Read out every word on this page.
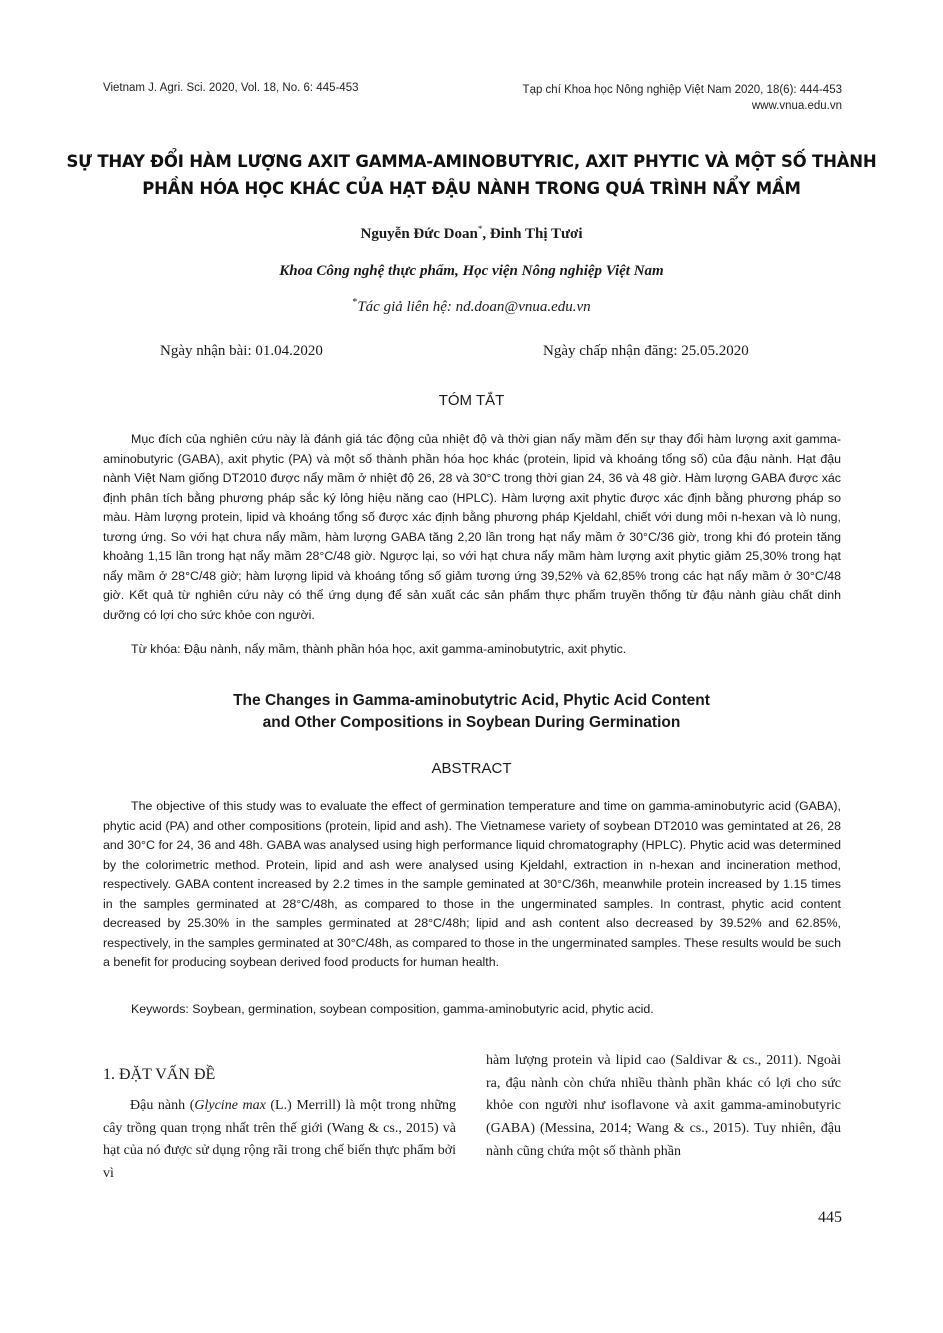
Vietnam J. Agri. Sci. 2020, Vol. 18, No. 6: 445-453	Tạp chí Khoa học Nông nghiệp Việt Nam 2020, 18(6): 444-453
www.vnua.edu.vn
SỰ THAY ĐỔI HÀM LƯỢNG AXIT GAMMA-AMINOBUTYRIC, AXIT PHYTIC VÀ MỘT SỐ THÀNH
PHẦN HÓA HỌC KHÁC CỦA HẠT ĐẬU NÀNH TRONG QUÁ TRÌNH NẨY MẦM
Nguyễn Đức Doan*, Đinh Thị Tươi
Khoa Công nghệ thực phẩm, Học viện Nông nghiệp Việt Nam
*Tác giả liên hệ: nd.doan@vnua.edu.vn
Ngày nhận bài: 01.04.2020	Ngày chấp nhận đăng: 25.05.2020
TÓM TẮT

Mục đích của nghiên cứu này là đánh giá tác động của nhiệt độ và thời gian nẩy mầm đến sự thay đổi hàm lượng axit gamma-aminobutyric (GABA), axit phytic (PA) và một số thành phần hóa học khác (protein, lipid và khoáng tổng số) của đậu nành. Hạt đậu nành Việt Nam giống DT2010 được nẩy mầm ở nhiệt độ 26, 28 và 30°C trong thời gian 24, 36 và 48 giờ. Hàm lượng GABA được xác định phân tích bằng phương pháp sắc ký lỏng hiệu năng cao (HPLC). Hàm lượng axit phytic được xác định bằng phương pháp so màu. Hàm lượng protein, lipid và khoáng tổng số được xác định bằng phương pháp Kjeldahl, chiết với dung môi n-hexan và lò nung, tương ứng. So với hạt chưa nẩy mầm, hàm lượng GABA tăng 2,20 lần trong hạt nẩy mầm ở 30°C/36 giờ, trong khi đó protein tăng khoảng 1,15 lần trong hạt nẩy mầm 28°C/48 giờ. Ngược lại, so với hạt chưa nẩy mầm hàm lượng axit phytic giảm 25,30% trong hạt nẩy mầm ở 28°C/48 giờ; hàm lượng lipid và khoáng tổng số giảm tương ứng 39,52% và 62,85% trong các hạt nẩy mầm ở 30°C/48 giờ. Kết quả từ nghiên cứu này có thể ứng dụng để sản xuất các sản phẩm thực phẩm truyền thống từ đậu nành giàu chất dinh dưỡng có lợi cho sức khỏe con người.

Từ khóa: Đậu nành, nẩy mầm, thành phần hóa học, axit gamma-aminobutytric, axit phytic.
The Changes in Gamma-aminobutytric Acid, Phytic Acid Content
and Other Compositions in Soybean During Germination
ABSTRACT

The objective of this study was to evaluate the effect of germination temperature and time on gamma-aminobutyric acid (GABA), phytic acid (PA) and other compositions (protein, lipid and ash). The Vietnamese variety of soybean DT2010 was gemintated at 26, 28 and 30°C for 24, 36 and 48h. GABA was analysed using high performance liquid chromatography (HPLC). Phytic acid was determined by the colorimetric method. Protein, lipid and ash were analysed using Kjeldahl, extraction in n-hexan and incineration method, respectively. GABA content increased by 2.2 times in the sample geminated at 30°C/36h, meanwhile protein increased by 1.15 times in the samples germinated at 28°C/48h, as compared to those in the ungerminated samples. In contrast, phytic acid content decreased by 25.30% in the samples germinated at 28°C/48h; lipid and ash content also decreased by 39.52% and 62.85%, respectively, in the samples germinated at 30°C/48h, as compared to those in the ungerminated samples. These results would be such a benefit for producing soybean derived food products for human health.

Keywords: Soybean, germination, soybean composition, gamma-aminobutyric acid, phytic acid.
1. ĐẶT VẤN ĐỀ

Đậu nành (Glycine max (L.) Merrill) là một trong những cây trồng quan trọng nhất trên thế giới (Wang & cs., 2015) và hạt của nó được sử dụng rộng rãi trong chế biến thực phẩm bởi vì

hàm lượng protein và lipid cao (Saldivar & cs., 2011). Ngoài ra, đậu nành còn chứa nhiều thành phần khác có lợi cho sức khỏe con người như isoflavone và axit gamma-aminobutyric (GABA) (Messina, 2014; Wang & cs., 2015). Tuy nhiên, đậu nành cũng chứa một số thành phần

445
